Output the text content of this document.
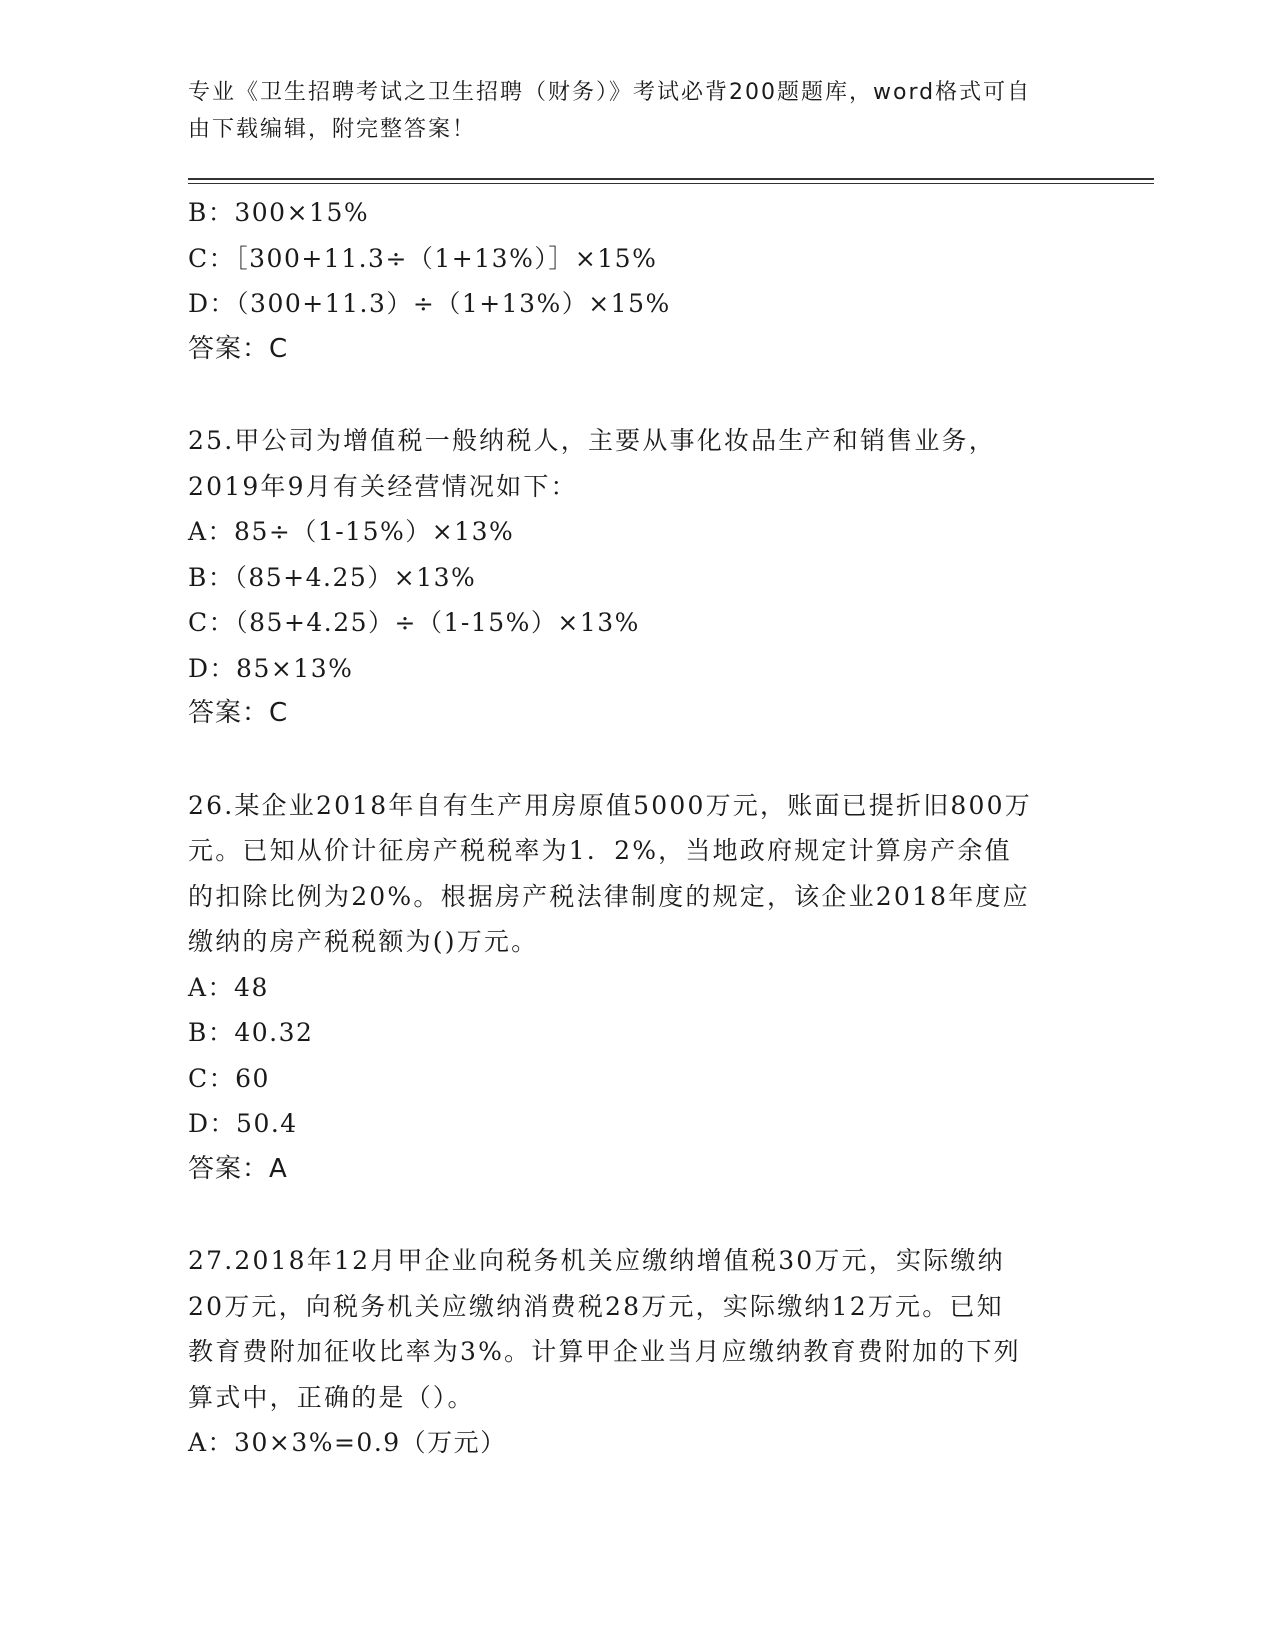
专业《卫生招聘考试之卫生招聘（财务）》考试必背200题题库，word格式可自
由下载编辑，附完整答案！
B：300×15%
C：［300+11.3÷（1+13%）］×15%
D：（300+11.3）÷（1+13%）×15%
答案：C
25.甲公司为增值税一般纳税人，主要从事化妆品生产和销售业务，
2019年9月有关经营情况如下：
A：85÷（1-15%）×13%
B：（85+4.25）×13%
C：（85+4.25）÷（1-15%）×13%
D：85×13%
答案：C
26.某企业2018年自有生产用房原值5000万元，账面已提折旧800万
元。已知从价计征房产税税率为1．2%，当地政府规定计算房产余值
的扣除比例为20%。根据房产税法律制度的规定，该企业2018年度应
缴纳的房产税税额为()万元。
A：48
B：40.32
C：60
D：50.4
答案：A
27.2018年12月甲企业向税务机关应缴纳增值税30万元，实际缴纳
20万元，向税务机关应缴纳消费税28万元，实际缴纳12万元。已知
教育费附加征收比率为3%。计算甲企业当月应缴纳教育费附加的下列
算式中，正确的是（）。
A：30×3%=0.9（万元）
